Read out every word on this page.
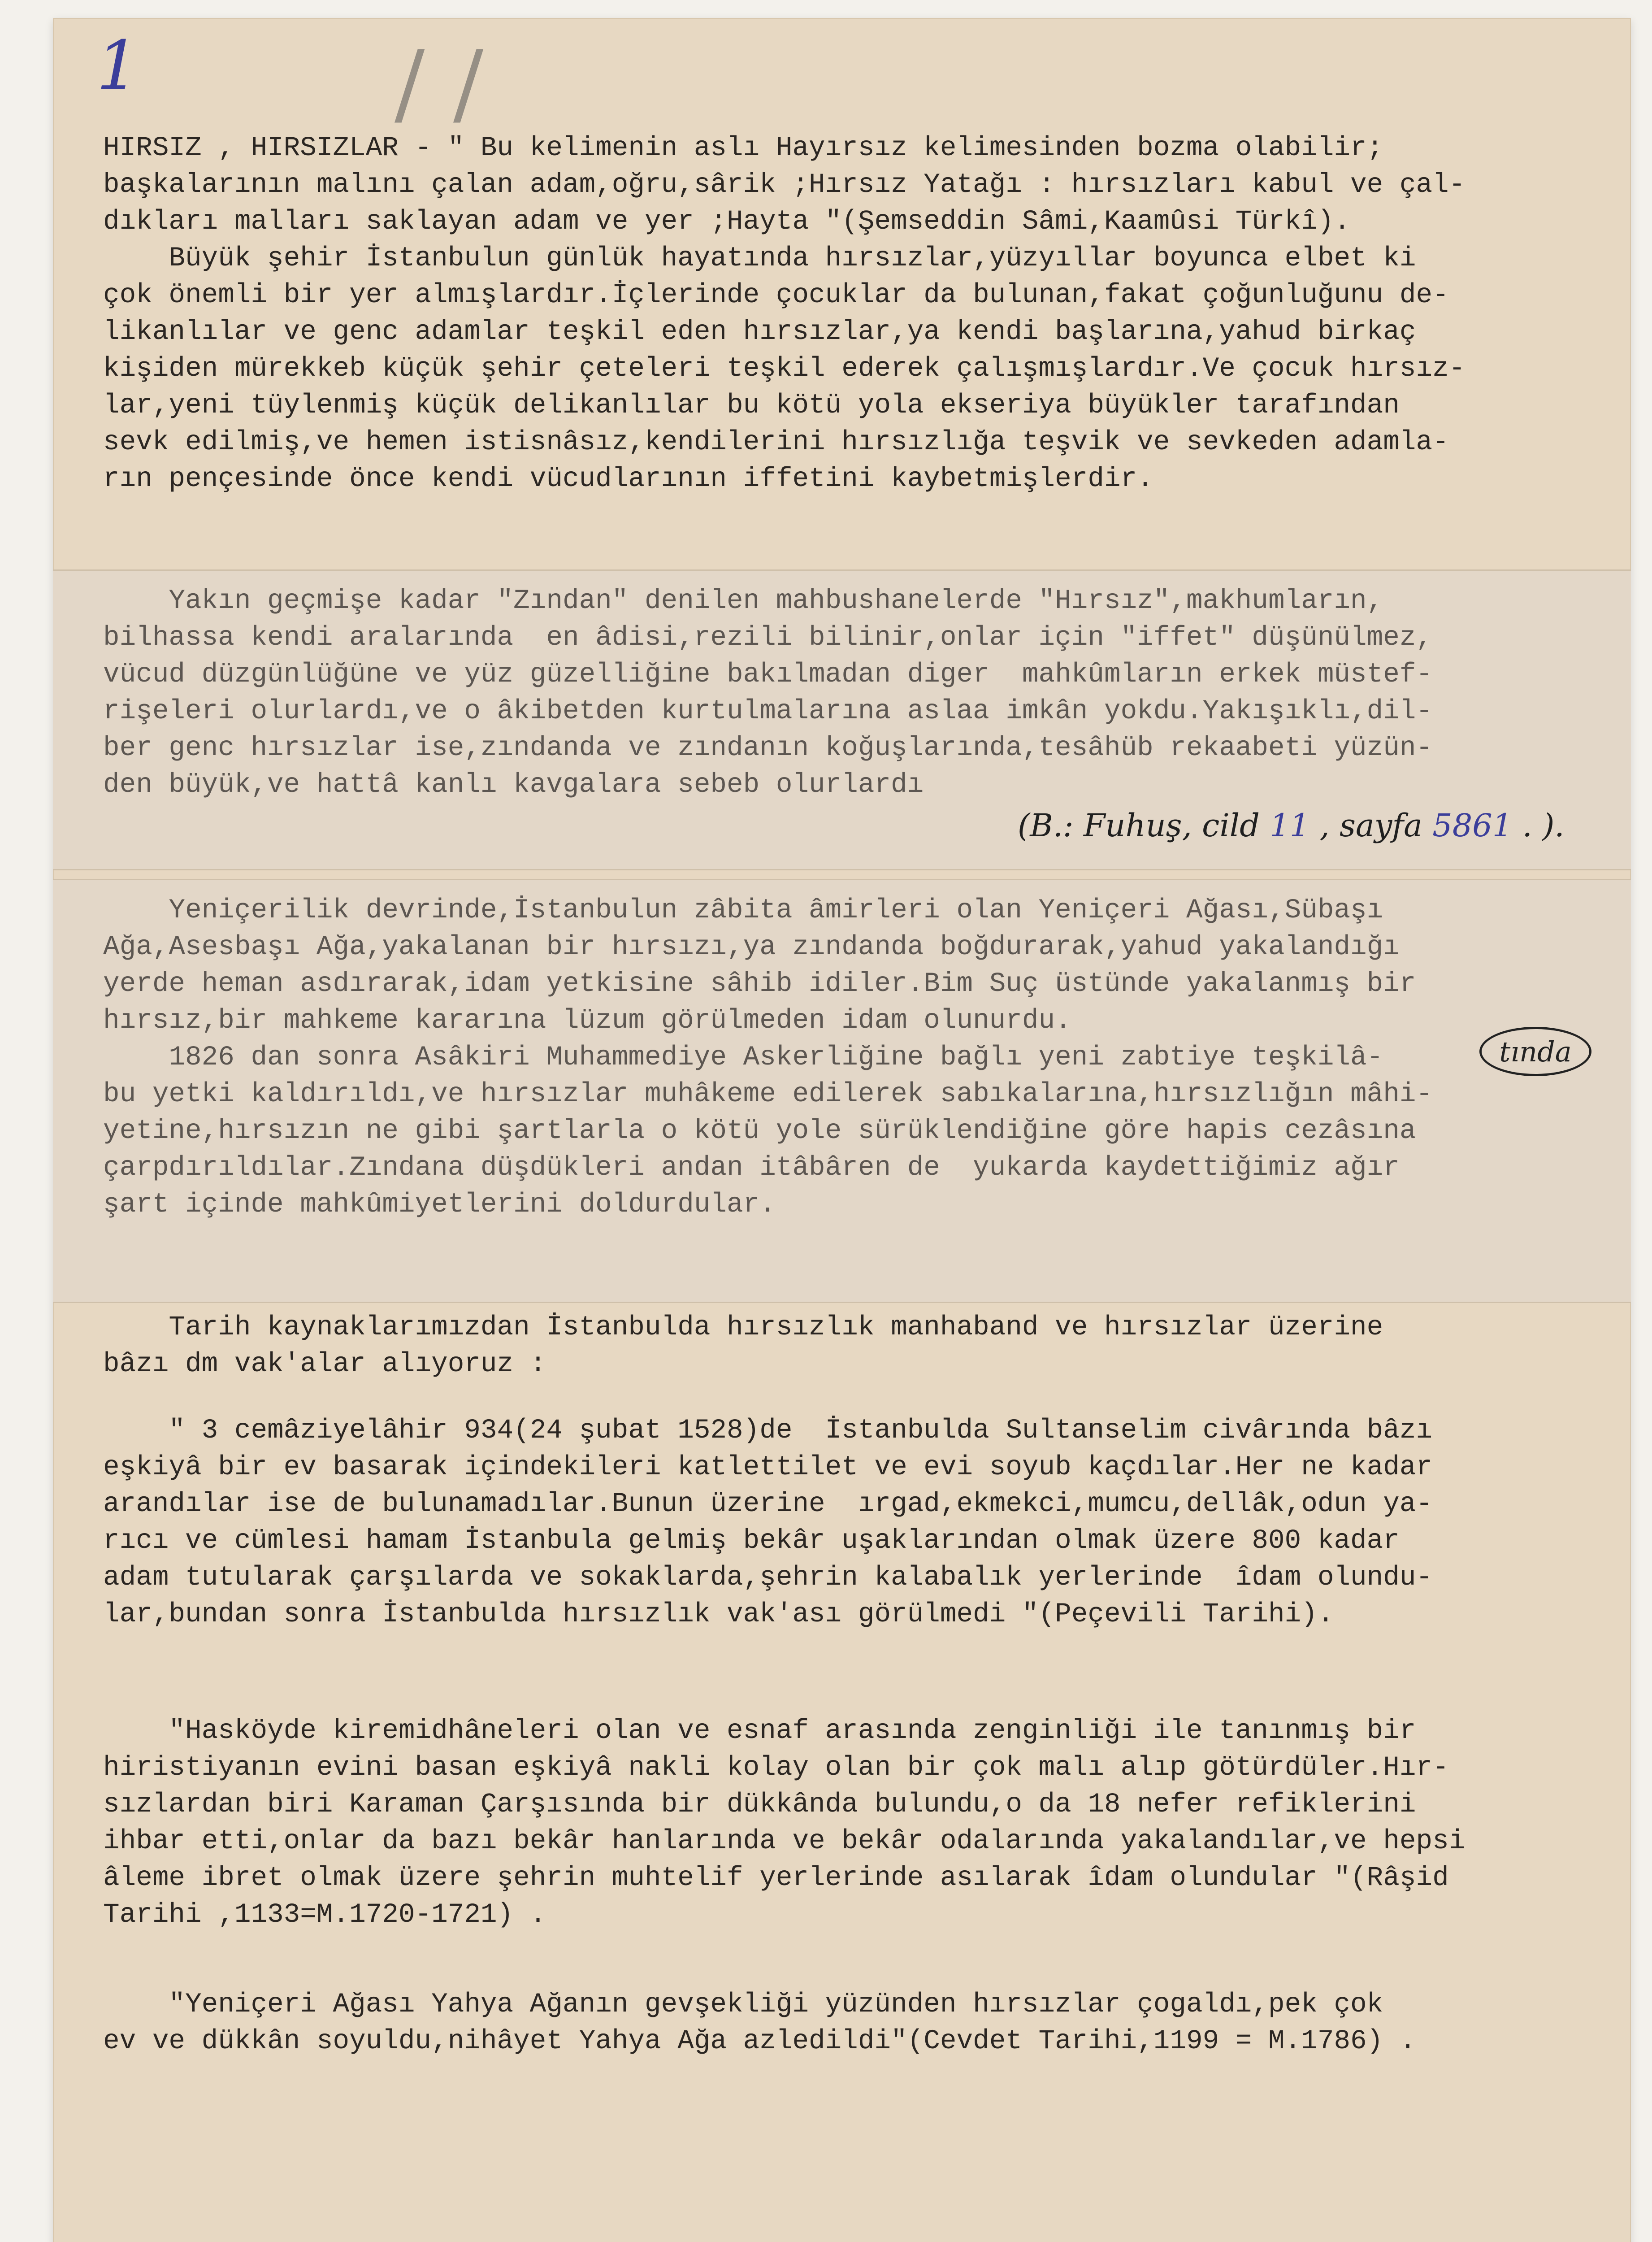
1	/ /
HIRSIZ , HIRSIZLAR - " Bu kelimenin aslı Hayırsız kelimesinden bozma olabilir;
başkalarının malını çalan adam,oğru,sârik ;Hırsız Yatağı : hırsızları kabul ve çal-
dıkları malları saklayan adam ve yer ;Hayta "(Şemseddin Sâmi,Kaamûsi Türkî).
Büyük şehir İstanbulun günlük hayatında hırsızlar,yüzyıllar boyunca elbet ki
çok önemli bir yer almışlardır.İçlerinde çocuklar da bulunan,fakat çoğunluğunu de-
likanlılar ve genc adamlar teşkil eden hırsızlar,ya kendi başlarına,yahud birkaç
kişiden mürekkeb küçük şehir çeteleri teşkil ederek çalışmışlardır.Ve çocuk hırsız-
lar,yeni tüylenmiş küçük delikanlılar bu kötü yola ekseriya büyükler tarafından
sevk edilmiş,ve hemen istisnâsız,kendilerini hırsızlığa teşvik ve sevkeden adamla-
rın pençesinde önce kendi vücudlarının iffetini kaybetmişlerdir.
Yakın geçmişe kadar "Zından" denilen mahbushanelerde "Hırsız",makhumların,
bilhassa kendi aralarında  en âdisi,rezili bilinir,onlar için "iffet" düşünülmez,
vücud düzgünlüğüne ve yüz güzelliğine bakılmadan diger  mahkûmların erkek müstef-
rişeleri olurlardı,ve o âkibetden kurtulmalarına aslaa imkân yokdu.Yakışıklı,dil-
ber genc hırsızlar ise,zındanda ve zındanın koğuşlarında,tesâhüb rekaabeti yüzün-
den büyük,ve hattâ kanlı kavgalara sebeb olurlardı
(B.: Fuhuş, cild 11 , sayfa 5861 . ).
Yeniçerilik devrinde,İstanbulun zâbita âmirleri olan Yeniçeri Ağası,Sübaşı
Ağa,Asesbaşı Ağa,yakalanan bir hırsızı,ya zındanda boğdurarak,yahud yakalandığı
yerde heman asdırarak,idam yetkisine sâhib idiler.Bim Suç üstünde yakalanmış bir
hırsız,bir mahkeme kararına lüzum görülmeden idam olunurdu.
1826 dan sonra Asâkiri Muhammediye Askerliğine bağlı yeni zabtiye teşkilâ-
bu yetki kaldırıldı,ve hırsızlar muhâkeme edilerek sabıkalarına,hırsızlığın mâhi-
yetine,hırsızın ne gibi şartlarla o kötü yole sürüklendiğine göre hapis cezâsına
çarpdırıldılar.Zındana düşdükleri andan itâbâren de  yukarda kaydettiğimiz ağır
şart içinde mahkûmiyetlerini doldurdular.
tında
Tarih kaynaklarımızdan İstanbulda hırsızlık manhaband ve hırsızlar üzerine
bâzı dm vak'alar alıyoruz :
" 3 cemâziyelâhir 934(24 şubat 1528)de  İstanbulda Sultanselim civârında bâzı
eşkiyâ bir ev basarak içindekileri katlettilet ve evi soyub kaçdılar.Her ne kadar
arandılar ise de bulunamadılar.Bunun üzerine  ırgad,ekmekci,mumcu,dellâk,odun ya-
rıcı ve cümlesi hamam İstanbula gelmiş bekâr uşaklarından olmak üzere 800 kadar
adam tutularak çarşılarda ve sokaklarda,şehrin kalabalık yerlerinde  îdam olundu-
lar,bundan sonra İstanbulda hırsızlık vak'ası görülmedi "(Peçevili Tarihi).
"Hasköyde kiremidhâneleri olan ve esnaf arasında zenginliği ile tanınmış bir
hiristiyanın evini basan eşkiyâ nakli kolay olan bir çok malı alıp götürdüler.Hır-
sızlardan biri Karaman Çarşısında bir dükkânda bulundu,o da 18 nefer refiklerini
ihbar etti,onlar da bazı bekâr hanlarında ve bekâr odalarında yakalandılar,ve hepsi
âleme ibret olmak üzere şehrin muhtelif yerlerinde asılarak îdam olundular "(Râşid
Tarihi ,1133=M.1720-1721) .
"Yeniçeri Ağası Yahya Ağanın gevşekliği yüzünden hırsızlar çogaldı,pek çok
ev ve dükkân soyuldu,nihâyet Yahya Ağa azledildi"(Cevdet Tarihi,1199 = M.1786) .
